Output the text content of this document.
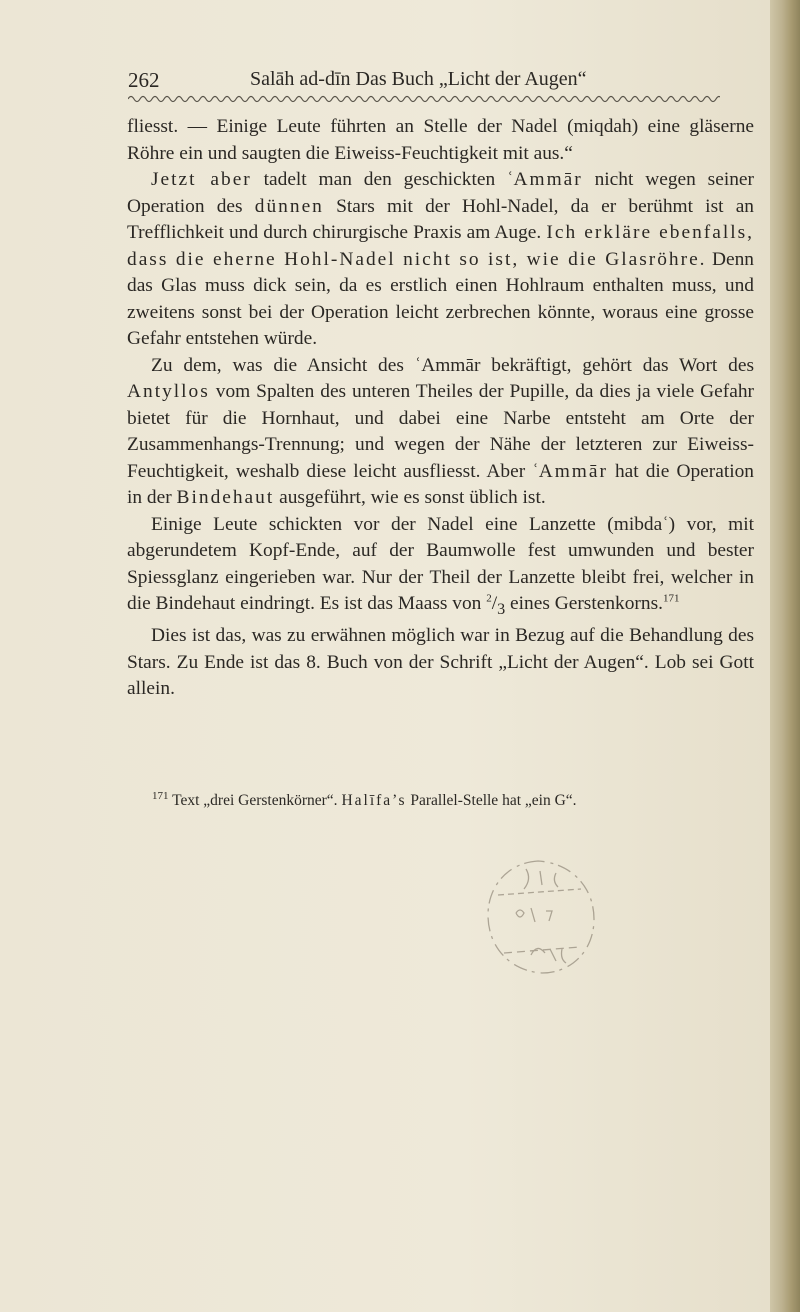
262	Salāh ad-dīn Das Buch „Licht der Augen“

fliesst. — Einige Leute führten an Stelle der Nadel (miqdah) eine gläserne Röhre ein und saugten die Eiweiss-Feuchtigkeit mit aus.“

Jetzt aber tadelt man den geschickten ʿAmmār nicht wegen seiner Operation des dünnen Stars mit der Hohl-Nadel, da er berühmt ist an Trefflichkeit und durch chirurgische Praxis am Auge. Ich erkläre ebenfalls, dass die eherne Hohl-Nadel nicht so ist, wie die Glasröhre. Denn das Glas muss dick sein, da es erstlich einen Hohlraum enthalten muss, und zweitens sonst bei der Operation leicht zerbrechen könnte, woraus eine grosse Gefahr entstehen würde.

Zu dem, was die Ansicht des ʿAmmār bekräftigt, gehört das Wort des Antyllos vom Spalten des unteren Theiles der Pupille, da dies ja viele Gefahr bietet für die Hornhaut, und dabei eine Narbe entsteht am Orte der Zusammenhangs-Trennung; und wegen der Nähe der letzteren zur Eiweiss-Feuchtigkeit, weshalb diese leicht ausfliesst. Aber ʿAmmār hat die Operation in der Bindehaut ausgeführt, wie es sonst üblich ist.

Einige Leute schickten vor der Nadel eine Lanzette (mibdaʿ) vor, mit abgerundetem Kopf-Ende, auf der Baumwolle fest umwunden und bester Spiessglanz eingerieben war. Nur der Theil der Lanzette bleibt frei, welcher in die Bindehaut eindringt. Es ist das Maass von $^2/_3$ eines Gerstenkorns.$^{171}$

Dies ist das, was zu erwähnen möglich war in Bezug auf die Behandlung des Stars. Zu Ende ist das 8. Buch von der Schrift „Licht der Augen“. Lob sei Gott allein.

$^{171}$ Text „drei Gerstenkörner“. Halīfa’s Parallel-Stelle hat „ein G“.
